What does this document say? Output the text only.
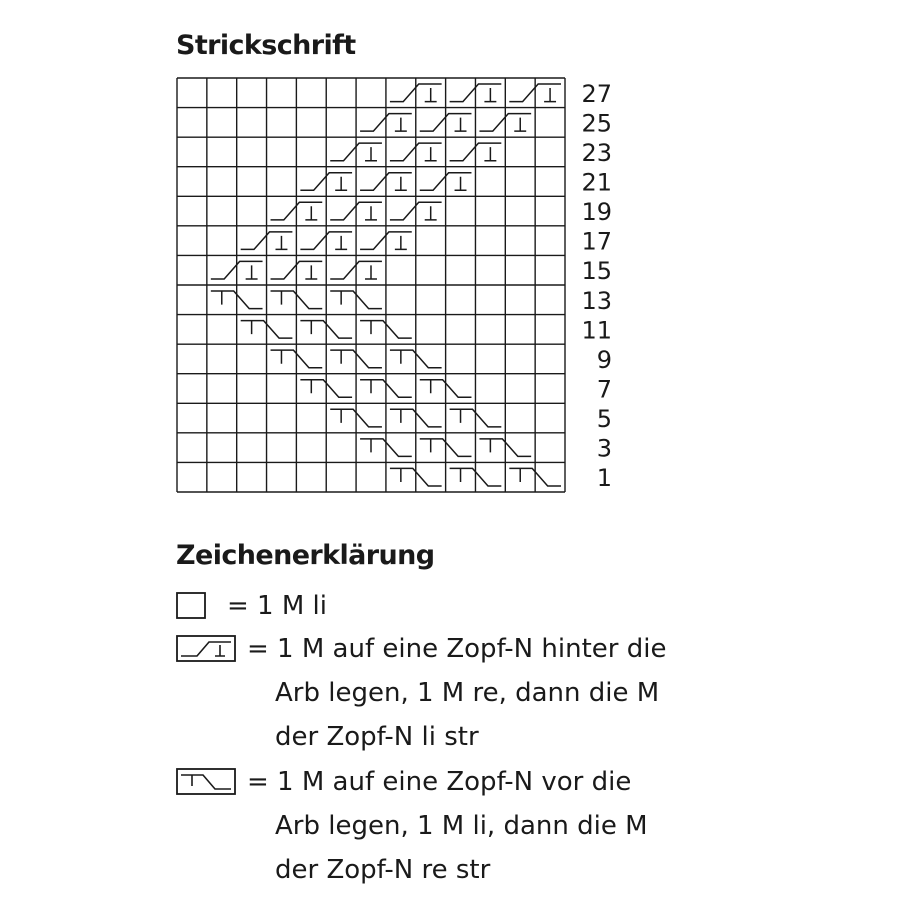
Strickschrift
27
25
23
21
19
17
15
13
11
9
7
5
3
1
Zeichenerklärung
= 1 M li
= 1 M auf eine Zopf-N hinter die
Arb legen, 1 M re, dann die M
der Zopf-N li str
= 1 M auf eine Zopf-N vor die
Arb legen, 1 M li, dann die M
der Zopf-N re str
